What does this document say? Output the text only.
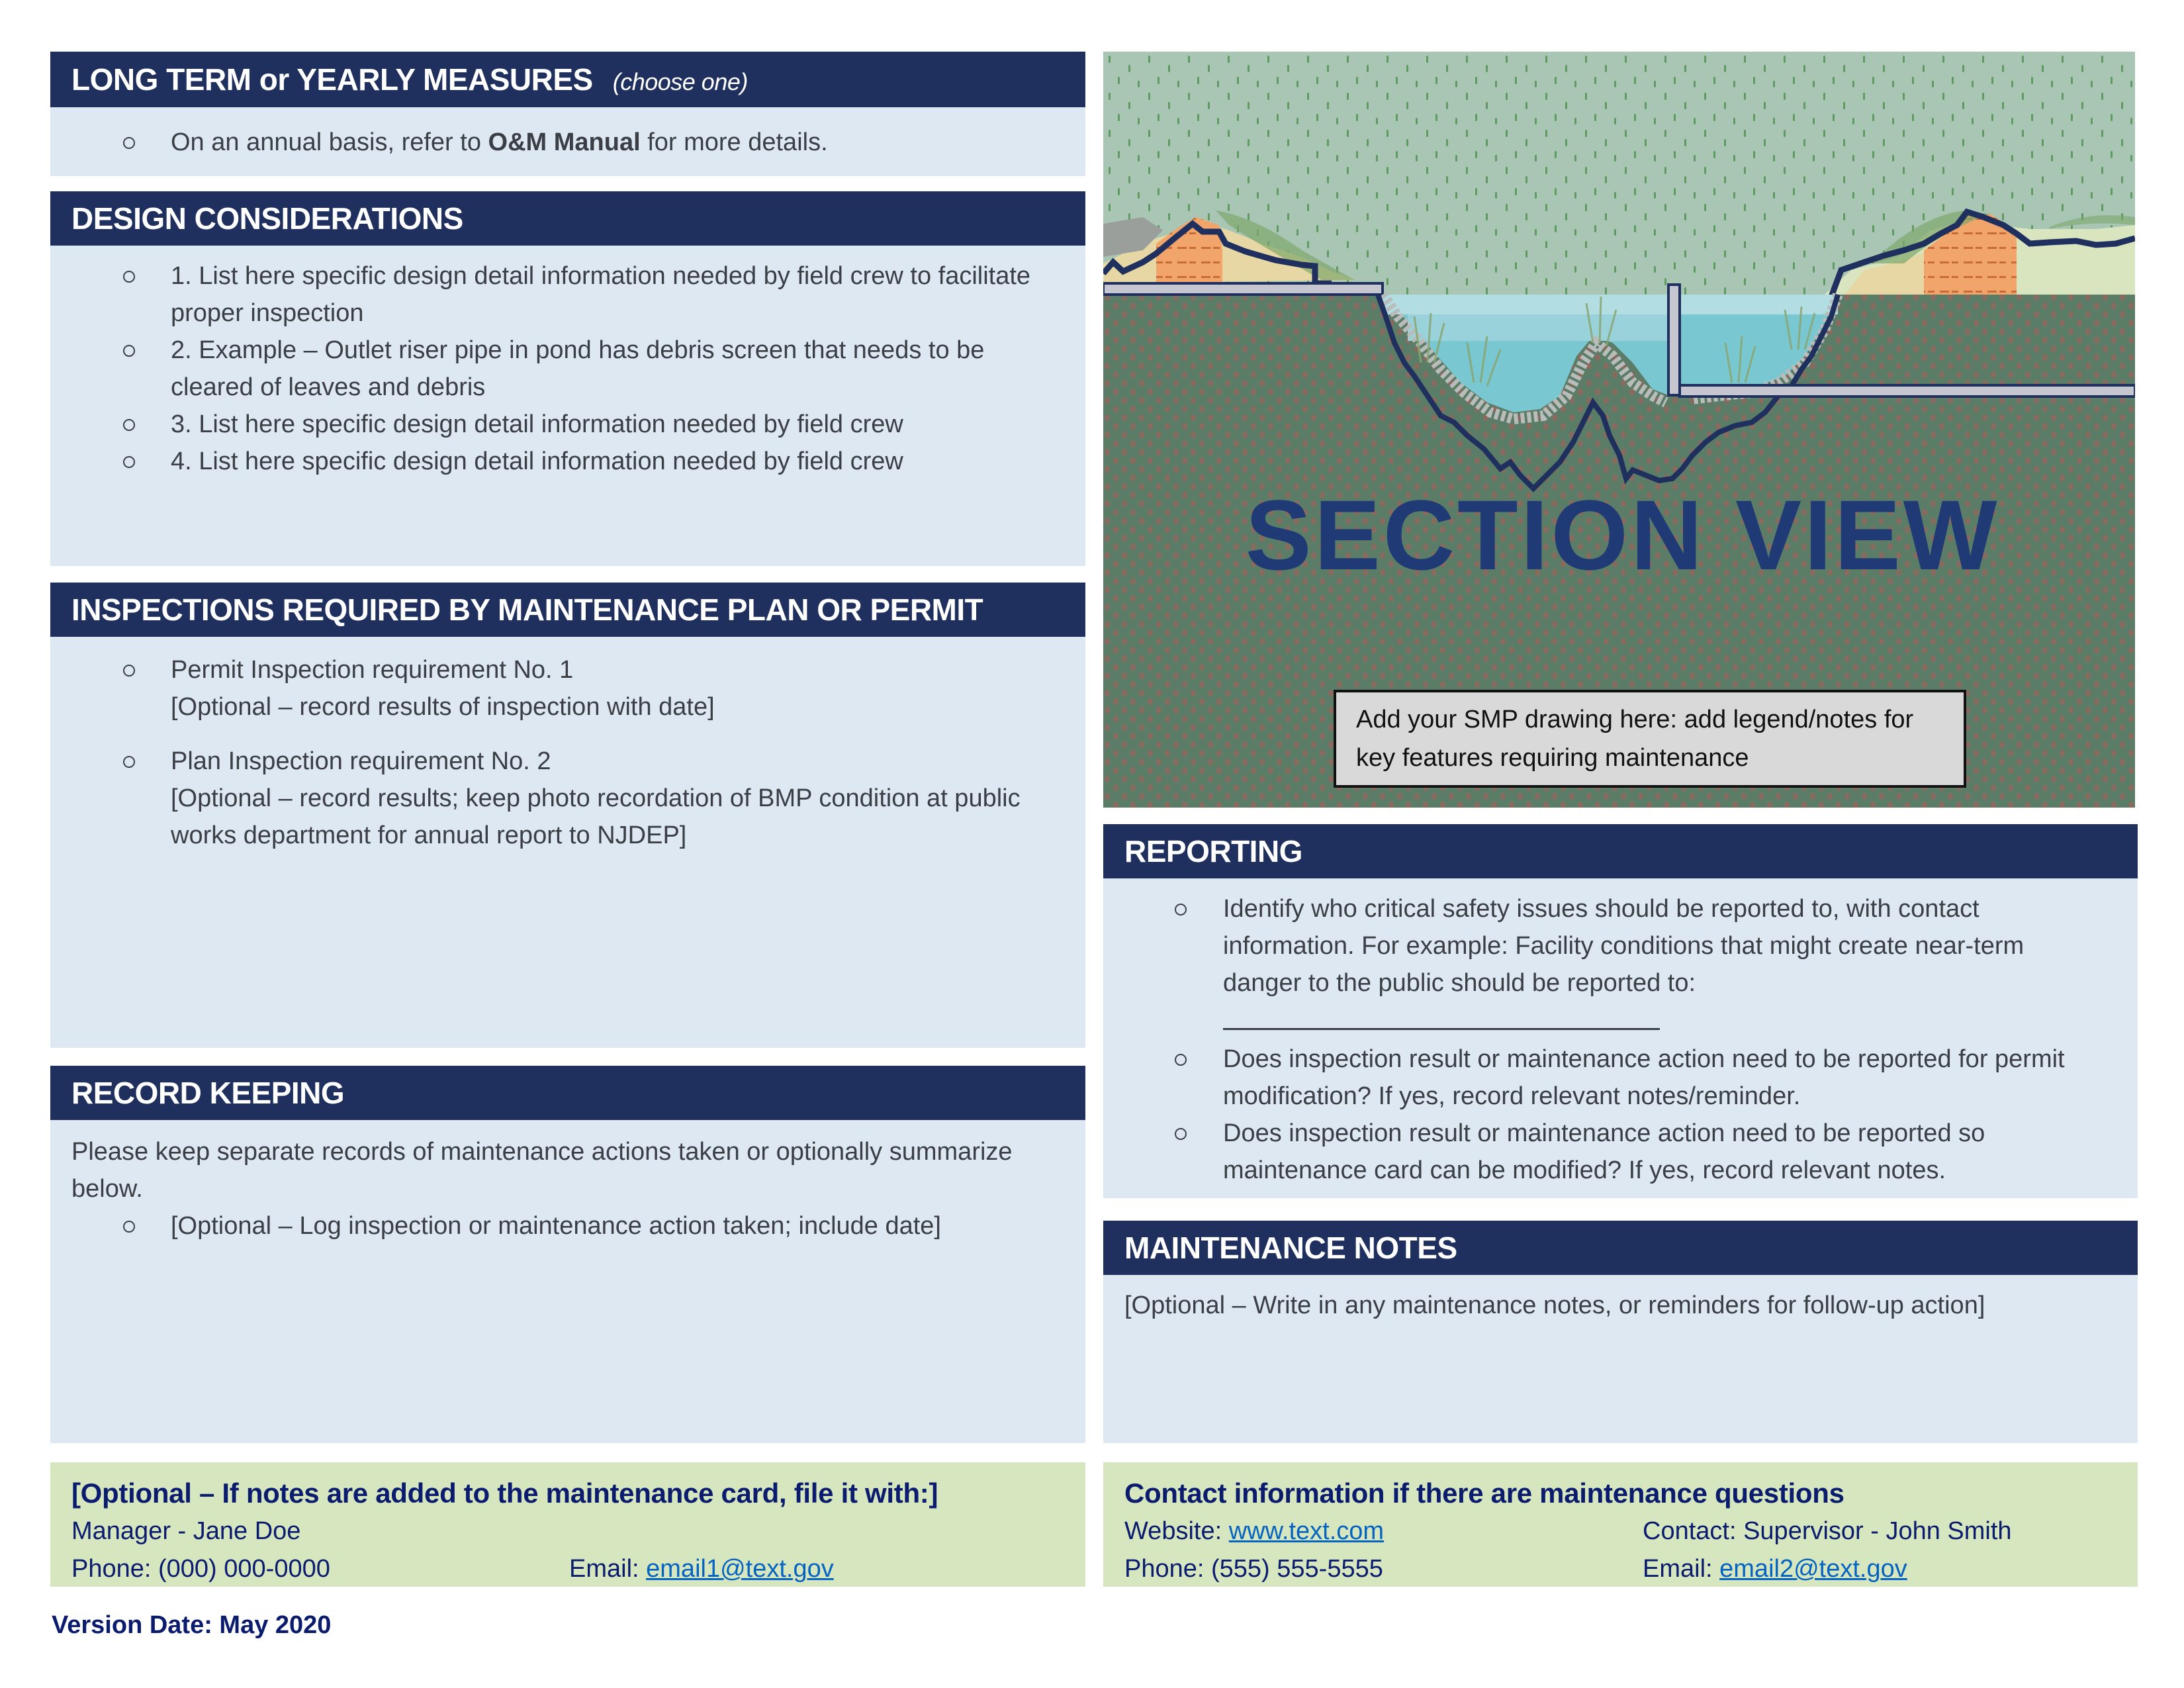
LONG TERM or YEARLY MEASURES (choose one)
On an annual basis, refer to O&M Manual for more details.
DESIGN CONSIDERATIONS
1. List here specific design detail information needed by field crew to facilitate proper inspection
2. Example – Outlet riser pipe in pond has debris screen that needs to be cleared of leaves and debris
3. List here specific design detail information needed by field crew
4. List here specific design detail information needed by field crew
INSPECTIONS REQUIRED BY MAINTENANCE PLAN OR PERMIT
Permit Inspection requirement No. 1
[Optional – record results of inspection with date]
Plan Inspection requirement No. 2
[Optional – record results; keep photo recordation of BMP condition at public works department for annual report to NJDEP]
RECORD KEEPING
Please keep separate records of maintenance actions taken or optionally summarize below.
[Optional – Log inspection or maintenance action taken; include date]
[Optional – If notes are added to the maintenance card, file it with:]
Manager - Jane Doe
Phone: (000) 000-0000	Email: email1@text.gov
Version Date: May 2020
SECTION VIEW
Add your SMP drawing here: add legend/notes for key features requiring maintenance
REPORTING
Identify who critical safety issues should be reported to, with contact information. For example: Facility conditions that might create near-term danger to the public should be reported to:
Does inspection result or maintenance action need to be reported for permit modification? If yes, record relevant notes/reminder.
Does inspection result or maintenance action need to be reported so maintenance card can be modified? If yes, record relevant notes.
MAINTENANCE NOTES
[Optional – Write in any maintenance notes, or reminders for follow-up action]
Contact information if there are maintenance questions
Website: www.text.com	Contact: Supervisor - John Smith
Phone: (555) 555-5555	Email: email2@text.gov
